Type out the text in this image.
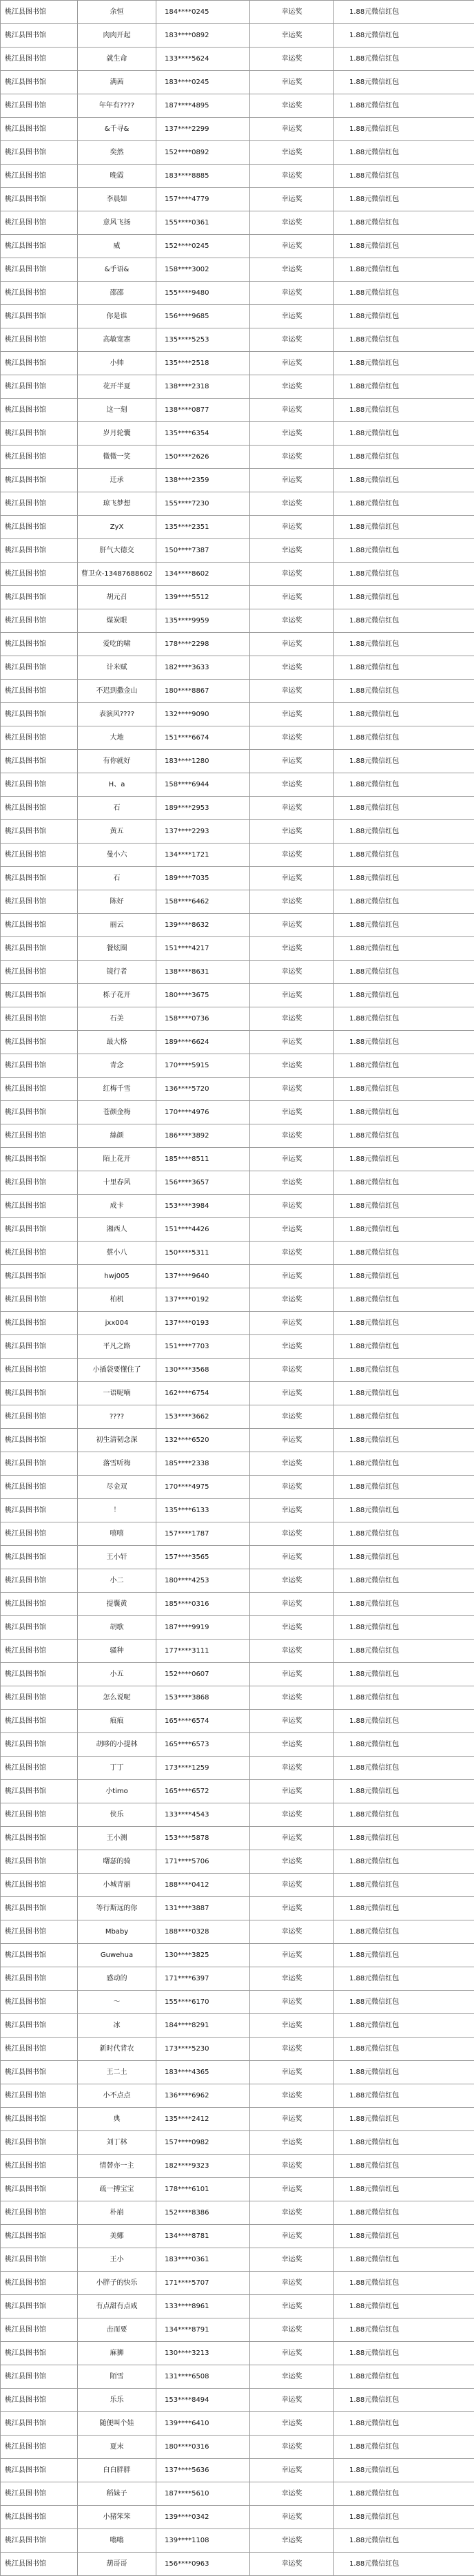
桃江县图书馆	余恒	184****0245	幸运奖	1.88元微信红包
桃江县图书馆	肉肉开起	183****0892	幸运奖	1.88元微信红包
桃江县图书馆	就生命	133****5624	幸运奖	1.88元微信红包
桃江县图书馆	满茜	183****0245	幸运奖	1.88元微信红包
桃江县图书馆	年年有????	187****4895	幸运奖	1.88元微信红包
桃江县图书馆	&千寻&	137****2299	幸运奖	1.88元微信红包
桃江县图书馆	奕然	152****0892	幸运奖	1.88元微信红包
桃江县图书馆	晚霞	183****8885	幸运奖	1.88元微信红包
桃江县图书馆	李晨如	157****4779	幸运奖	1.88元微信红包
桃江县图书馆	意风飞扬	155****0361	幸运奖	1.88元微信红包
桃江县图书馆	威	152****0245	幸运奖	1.88元微信红包
桃江县图书馆	&手语&	158****3002	幸运奖	1.88元微信红包
桃江县图书馆	邵邵	155****9480	幸运奖	1.88元微信红包
桃江县图书馆	你是谁	156****9685	幸运奖	1.88元微信红包
桃江县图书馆	高敏宽寨	135****5253	幸运奖	1.88元微信红包
桃江县图书馆	小帅	135****2518	幸运奖	1.88元微信红包
桃江县图书馆	花开半夏	138****2318	幸运奖	1.88元微信红包
桃江县图书馆	这一刻	138****0877	幸运奖	1.88元微信红包
桃江县图书馆	岁月轮囊	135****6354	幸运奖	1.88元微信红包
桃江县图书馆	微微一笑	150****2626	幸运奖	1.88元微信红包
桃江县图书馆	迁承	138****2359	幸运奖	1.88元微信红包
桃江县图书馆	琼飞梦想	155****7230	幸运奖	1.88元微信红包
桃江县图书馆	ZyX	135****2351	幸运奖	1.88元微信红包
桃江县图书馆	肝气大德交	150****7387	幸运奖	1.88元微信红包
桃江县图书馆	曹卫众-13487688602	134****8602	幸运奖	1.88元微信红包
桃江县图书馆	胡元召	139****5512	幸运奖	1.88元微信红包
桃江县图书馆	煤炭眼	135****9959	幸运奖	1.88元微信红包
桃江县图书馆	爱吃的啸	178****2298	幸运奖	1.88元微信红包
桃江县图书馆	计米赋	182****3633	幸运奖	1.88元微信红包
桃江县图书馆	不迟到撒金山	180****8867	幸运奖	1.88元微信红包
桃江县图书馆	表演风????	132****9090	幸运奖	1.88元微信红包
桃江县图书馆	大地	151****6674	幸运奖	1.88元微信红包
桃江县图书馆	有你就好	183****1280	幸运奖	1.88元微信红包
桃江县图书馆	H、a	158****6944	幸运奖	1.88元微信红包
桃江县图书馆	石	189****2953	幸运奖	1.88元微信红包
桃江县图书馆	黄五	137****2293	幸运奖	1.88元微信红包
桃江县图书馆	曼小六	134****1721	幸运奖	1.88元微信红包
桃江县图书馆	石	189****7035	幸运奖	1.88元微信红包
桃江县图书馆	陈好	158****6462	幸运奖	1.88元微信红包
桃江县图书馆	丽云	139****8632	幸运奖	1.88元微信红包
桃江县图书馆	餐炫圈	151****4217	幸运奖	1.88元微信红包
桃江县图书馆	镜行者	138****8631	幸运奖	1.88元微信红包
桃江县图书馆	栎子花开	180****3675	幸运奖	1.88元微信红包
桃江县图书馆	石美	158****0736	幸运奖	1.88元微信红包
桃江县图书馆	最大格	189****6624	幸运奖	1.88元微信红包
桃江县图书馆	青念	170****5915	幸运奖	1.88元微信红包
桃江县图书馆	红梅千雪	136****5720	幸运奖	1.88元微信红包
桃江县图书馆	苍颜金梅	170****4976	幸运奖	1.88元微信红包
桃江县图书馆	絲颜	186****3892	幸运奖	1.88元微信红包
桃江县图书馆	陌上花开	185****8511	幸运奖	1.88元微信红包
桃江县图书馆	十里春风	156****3657	幸运奖	1.88元微信红包
桃江县图书馆	成卡	153****3984	幸运奖	1.88元微信红包
桃江县图书馆	湘西人	151****4426	幸运奖	1.88元微信红包
桃江县图书馆	蔡小八	150****5311	幸运奖	1.88元微信红包
桃江县图书馆	hwj005	137****9640	幸运奖	1.88元微信红包
桃江县图书馆	柏机	137****0192	幸运奖	1.88元微信红包
桃江县图书馆	jxx004	137****0193	幸运奖	1.88元微信红包
桃江县图书馆	平凡之路	151****7703	幸运奖	1.88元微信红包
桃江县图书馆	小插袋要懂住了	130****3568	幸运奖	1.88元微信红包
桃江县图书馆	一语呢喃	162****6754	幸运奖	1.88元微信红包
桃江县图书馆	????	153****3662	幸运奖	1.88元微信红包
桃江县图书馆	初生清韧念深	132****6520	幸运奖	1.88元微信红包
桃江县图书馆	落雪听梅	185****2338	幸运奖	1.88元微信红包
桃江县图书馆	尽金双	170****4975	幸运奖	1.88元微信红包
桃江县图书馆	！	135****6133	幸运奖	1.88元微信红包
桃江县图书馆	嘻嘻	157****1787	幸运奖	1.88元微信红包
桃江县图书馆	王小轩	157****3565	幸运奖	1.88元微信红包
桃江县图书馆	小二	180****4253	幸运奖	1.88元微信红包
桃江县图书馆	提囊黄	185****0316	幸运奖	1.88元微信红包
桃江县图书馆	胡歌	187****9919	幸运奖	1.88元微信红包
桃江县图书馆	骚种	177****3111	幸运奖	1.88元微信红包
桃江县图书馆	小五	152****0607	幸运奖	1.88元微信红包
桃江县图书馆	怎么说呢	153****3868	幸运奖	1.88元微信红包
桃江县图书馆	痕痕	165****6574	幸运奖	1.88元微信红包
桃江县图书馆	胡哆的小提林	165****6573	幸运奖	1.88元微信红包
桃江县图书馆	丁丁	173****1259	幸运奖	1.88元微信红包
桃江县图书馆	小timo	165****6572	幸运奖	1.88元微信红包
桃江县图书馆	侠乐	133****4543	幸运奖	1.88元微信红包
桃江县图书馆	王小测	153****5878	幸运奖	1.88元微信红包
桃江县图书馆	曙瑟的骑	171****5706	幸运奖	1.88元微信红包
桃江县图书馆	小城青丽	188****0412	幸运奖	1.88元微信红包
桃江县图书馆	等行斯远的你	131****3887	幸运奖	1.88元微信红包
桃江县图书馆	Mbaby	188****0328	幸运奖	1.88元微信红包
桃江县图书馆	Guwehua	130****3825	幸运奖	1.88元微信红包
桃江县图书馆	感动的	171****6397	幸运奖	1.88元微信红包
桃江县图书馆	～	155****6170	幸运奖	1.88元微信红包
桃江县图书馆	冰	184****8291	幸运奖	1.88元微信红包
桃江县图书馆	新时代背农	173****5230	幸运奖	1.88元微信红包
桃江县图书馆	王二土	183****4365	幸运奖	1.88元微信红包
桃江县图书馆	小不点点	136****6962	幸运奖	1.88元微信红包
桃江县图书馆	典	135****2412	幸运奖	1.88元微信红包
桃江县图书馆	刘丁林	157****0982	幸运奖	1.88元微信红包
桃江县图书馆	情替亦一主	182****9323	幸运奖	1.88元微信红包
桃江县图书馆	疏一搏宝宝	178****6101	幸运奖	1.88元微信红包
桃江县图书馆	朴崩	152****8386	幸运奖	1.88元微信红包
桃江县图书馆	美娜	134****8781	幸运奖	1.88元微信红包
桃江县图书馆	王小	183****0361	幸运奖	1.88元微信红包
桃江县图书馆	小胖子的快乐	171****5707	幸运奖	1.88元微信红包
桃江县图书馆	有点甜有点咸	133****8961	幸运奖	1.88元微信红包
桃江县图书馆	击而要	134****8791	幸运奖	1.88元微信红包
桃江县图书馆	麻狮	130****3213	幸运奖	1.88元微信红包
桃江县图书馆	陌雪	131****6508	幸运奖	1.88元微信红包
桃江县图书馆	乐乐	153****8494	幸运奖	1.88元微信红包
桃江县图书馆	随便叫个娃	139****6410	幸运奖	1.88元微信红包
桃江县图书馆	夏末	180****0316	幸运奖	1.88元微信红包
桃江县图书馆	白白胖胖	137****5636	幸运奖	1.88元微信红包
桃江县图书馆	稻妹子	187****5610	幸运奖	1.88元微信红包
桃江县图书馆	小猪笨笨	139****0342	幸运奖	1.88元微信红包
桃江县图书馆	嗡嗡	139****1108	幸运奖	1.88元微信红包
桃江县图书馆	葫哥哥	156****0963	幸运奖	1.88元微信红包
